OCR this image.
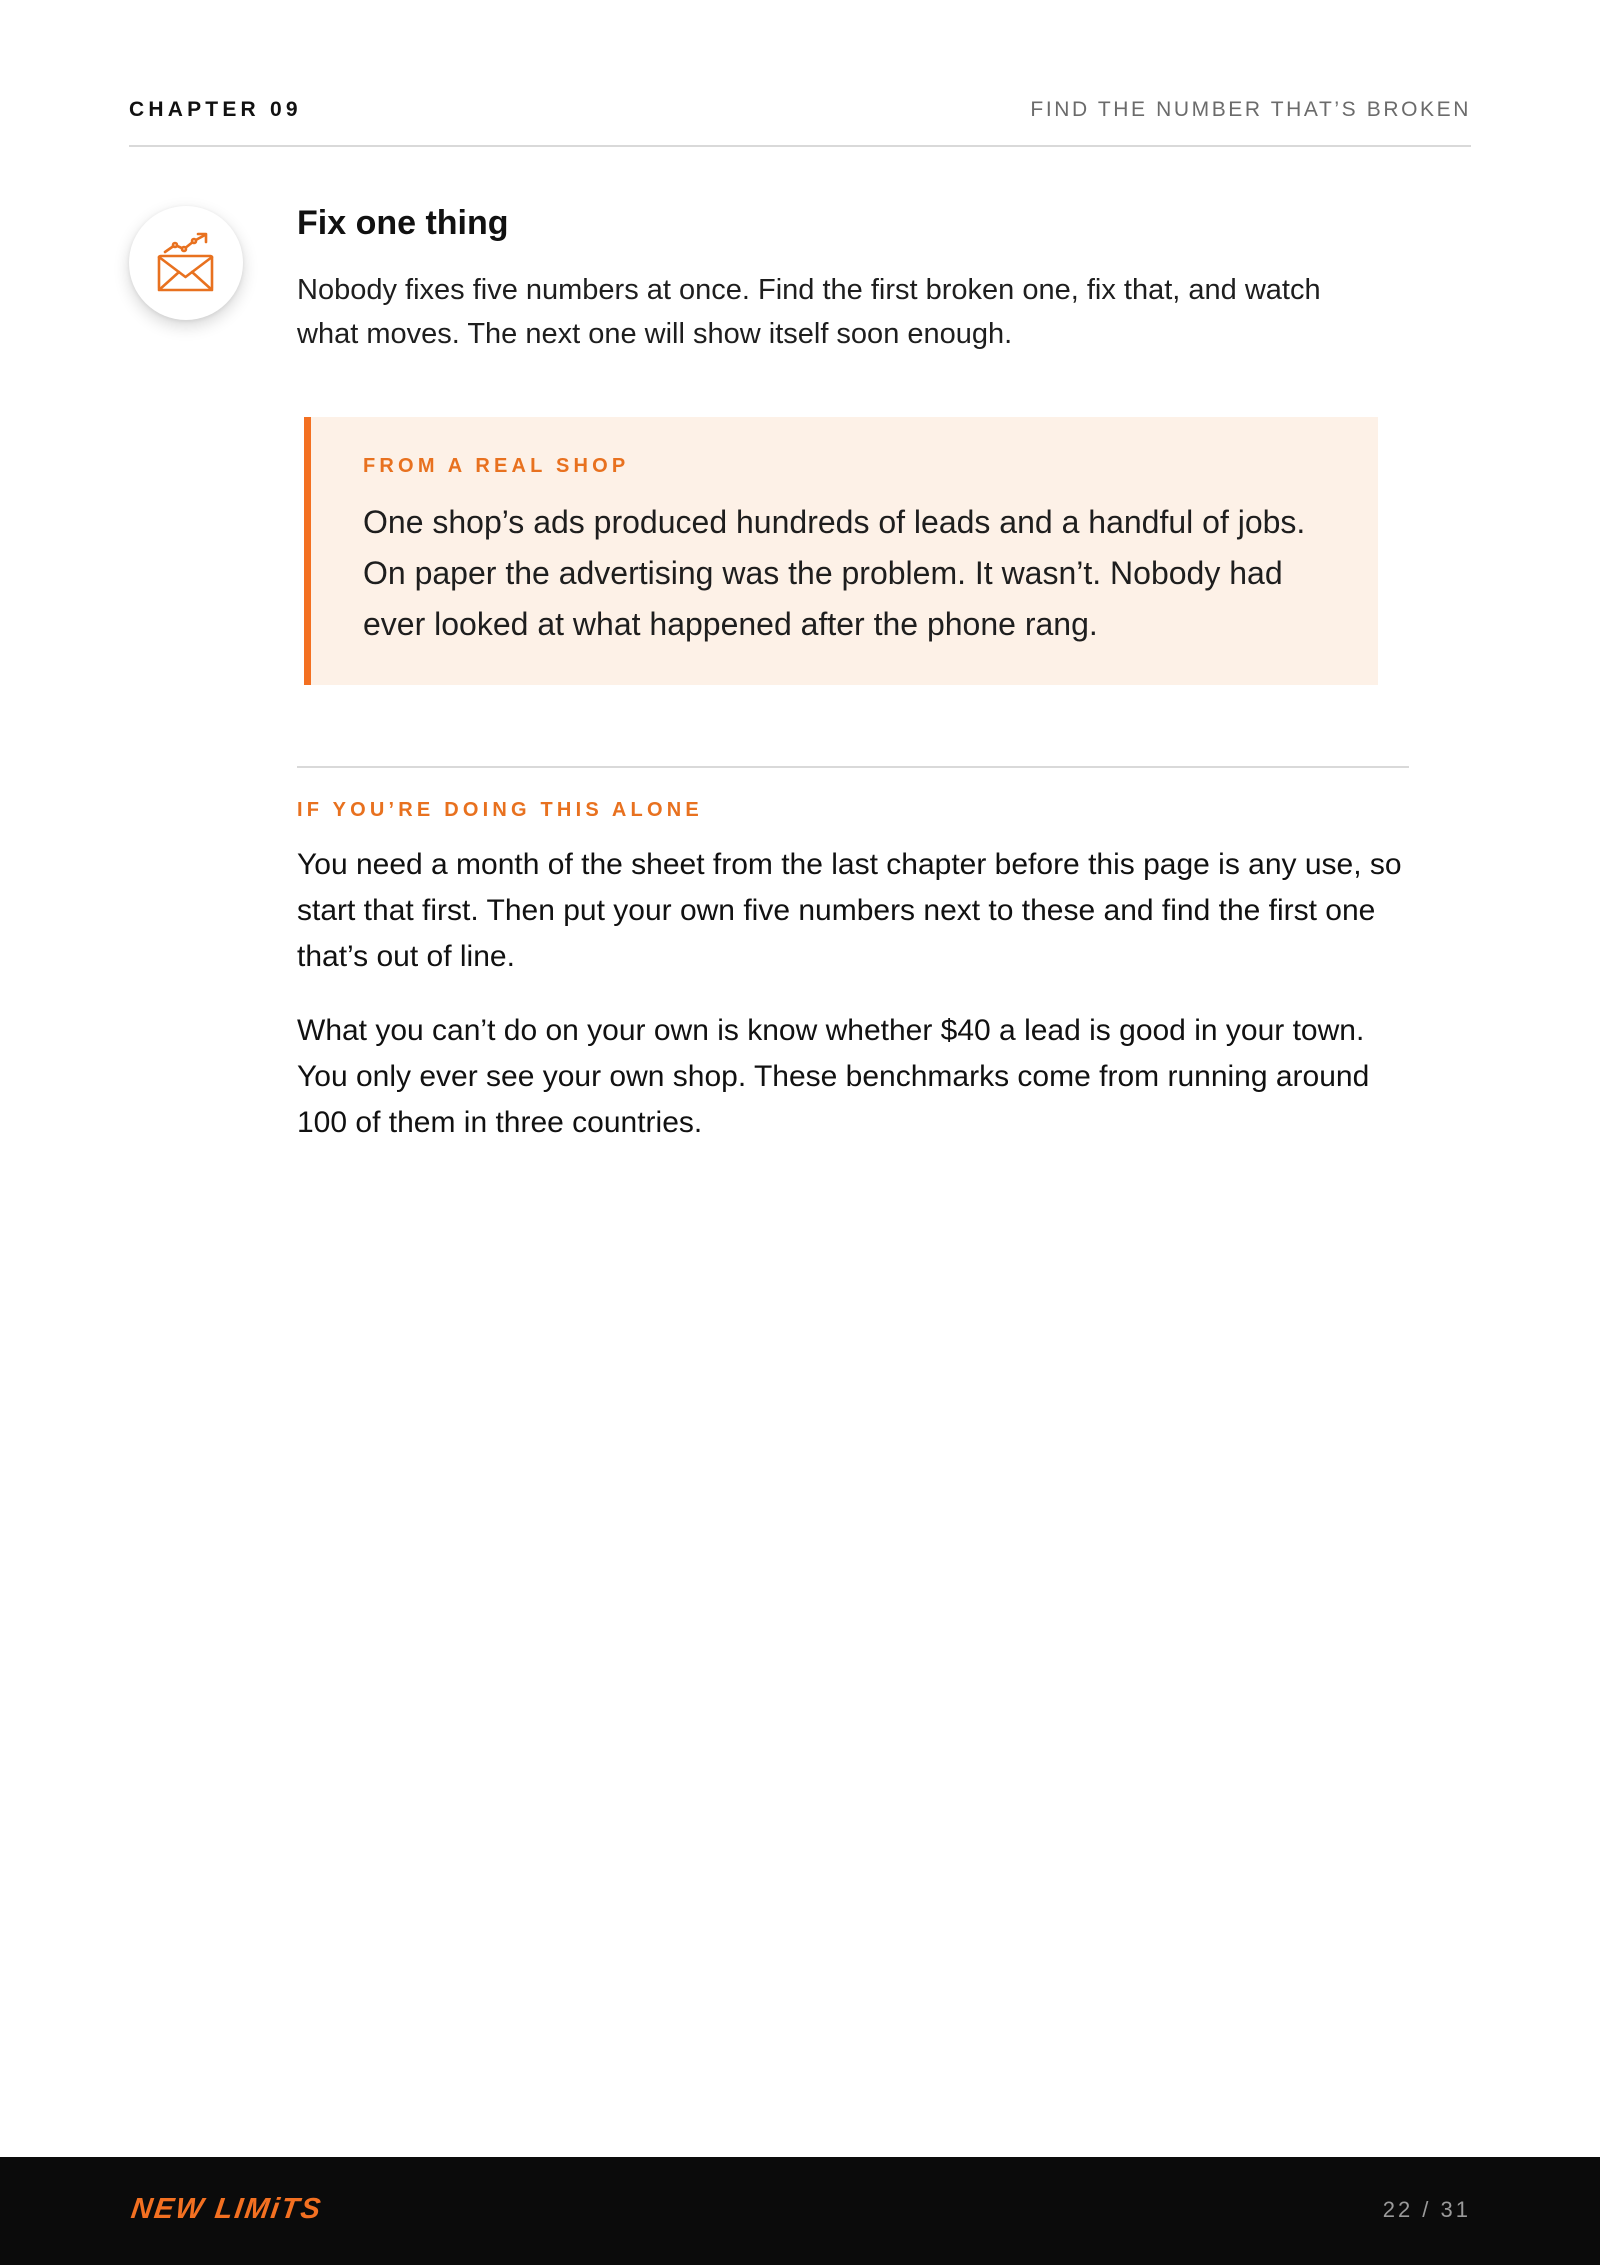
CHAPTER 09	FIND THE NUMBER THAT’S BROKEN
Fix one thing

Nobody fixes five numbers at once. Find the first broken one, fix that, and watch what moves. The next one will show itself soon enough.

FROM A REAL SHOP

One shop’s ads produced hundreds of leads and a handful of jobs. On paper the advertising was the problem. It wasn’t. Nobody had ever looked at what happened after the phone rang.

IF YOU’RE DOING THIS ALONE

You need a month of the sheet from the last chapter before this page is any use, so start that first. Then put your own five numbers next to these and find the first one that’s out of line.

What you can’t do on your own is know whether $40 a lead is good in your town. You only ever see your own shop. These benchmarks come from running around 100 of them in three countries.

NEW LIMiTS	22 / 31
